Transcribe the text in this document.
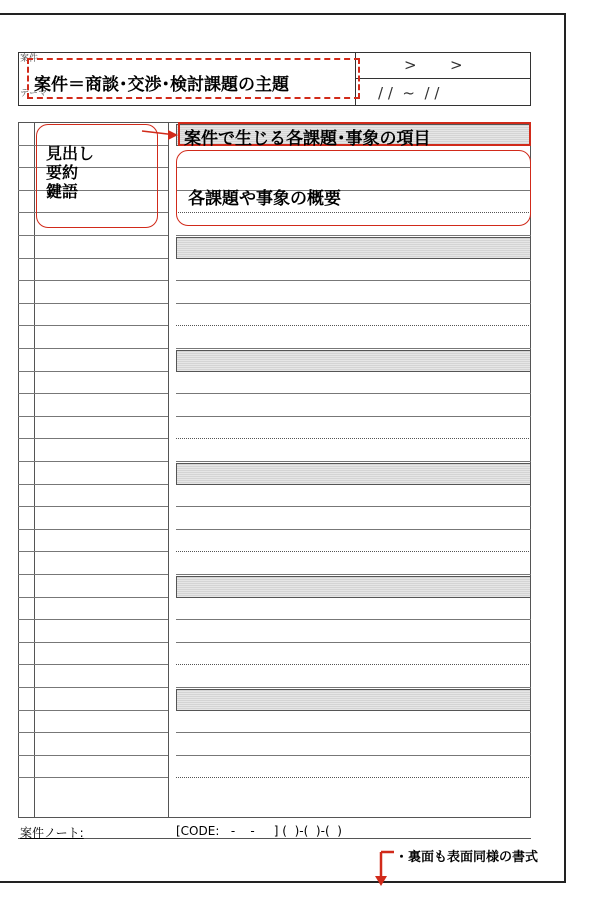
案件
テーマ
案件＝商談･交渉･検討課題の主題
>       >
/ /  ~  / /
案件で生じる各課題･事象の項目
各課題や事象の概要
見出し
要約
鍵語
案件ノート:	[CODE:   -    -     ] (  )-(  )-(  )
・裏面も表面同様の書式
